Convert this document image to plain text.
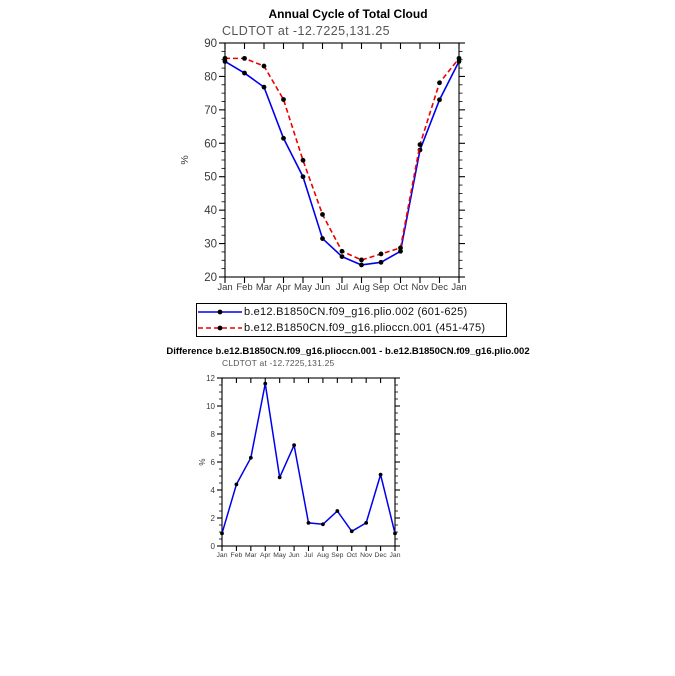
20
30
40
50
60
70
80
90
Jan Feb Mar Apr May Jun Jul Aug Sep Oct Nov Dec Jan
%
0
2
4
6
8
10
12
Jan Feb Mar Apr May Jun Jul Aug Sep Oct Nov Dec Jan
%
Annual Cycle of Total Cloud
CLDTOT at -12.7225,131.25
b.e12.B1850CN.f09_g16.plio.002 (601-625)
b.e12.B1850CN.f09_g16.plioccn.001 (451-475)
Difference b.e12.B1850CN.f09_g16.plioccn.001 - b.e12.B1850CN.f09_g16.plio.002
CLDTOT at -12.7225,131.25
